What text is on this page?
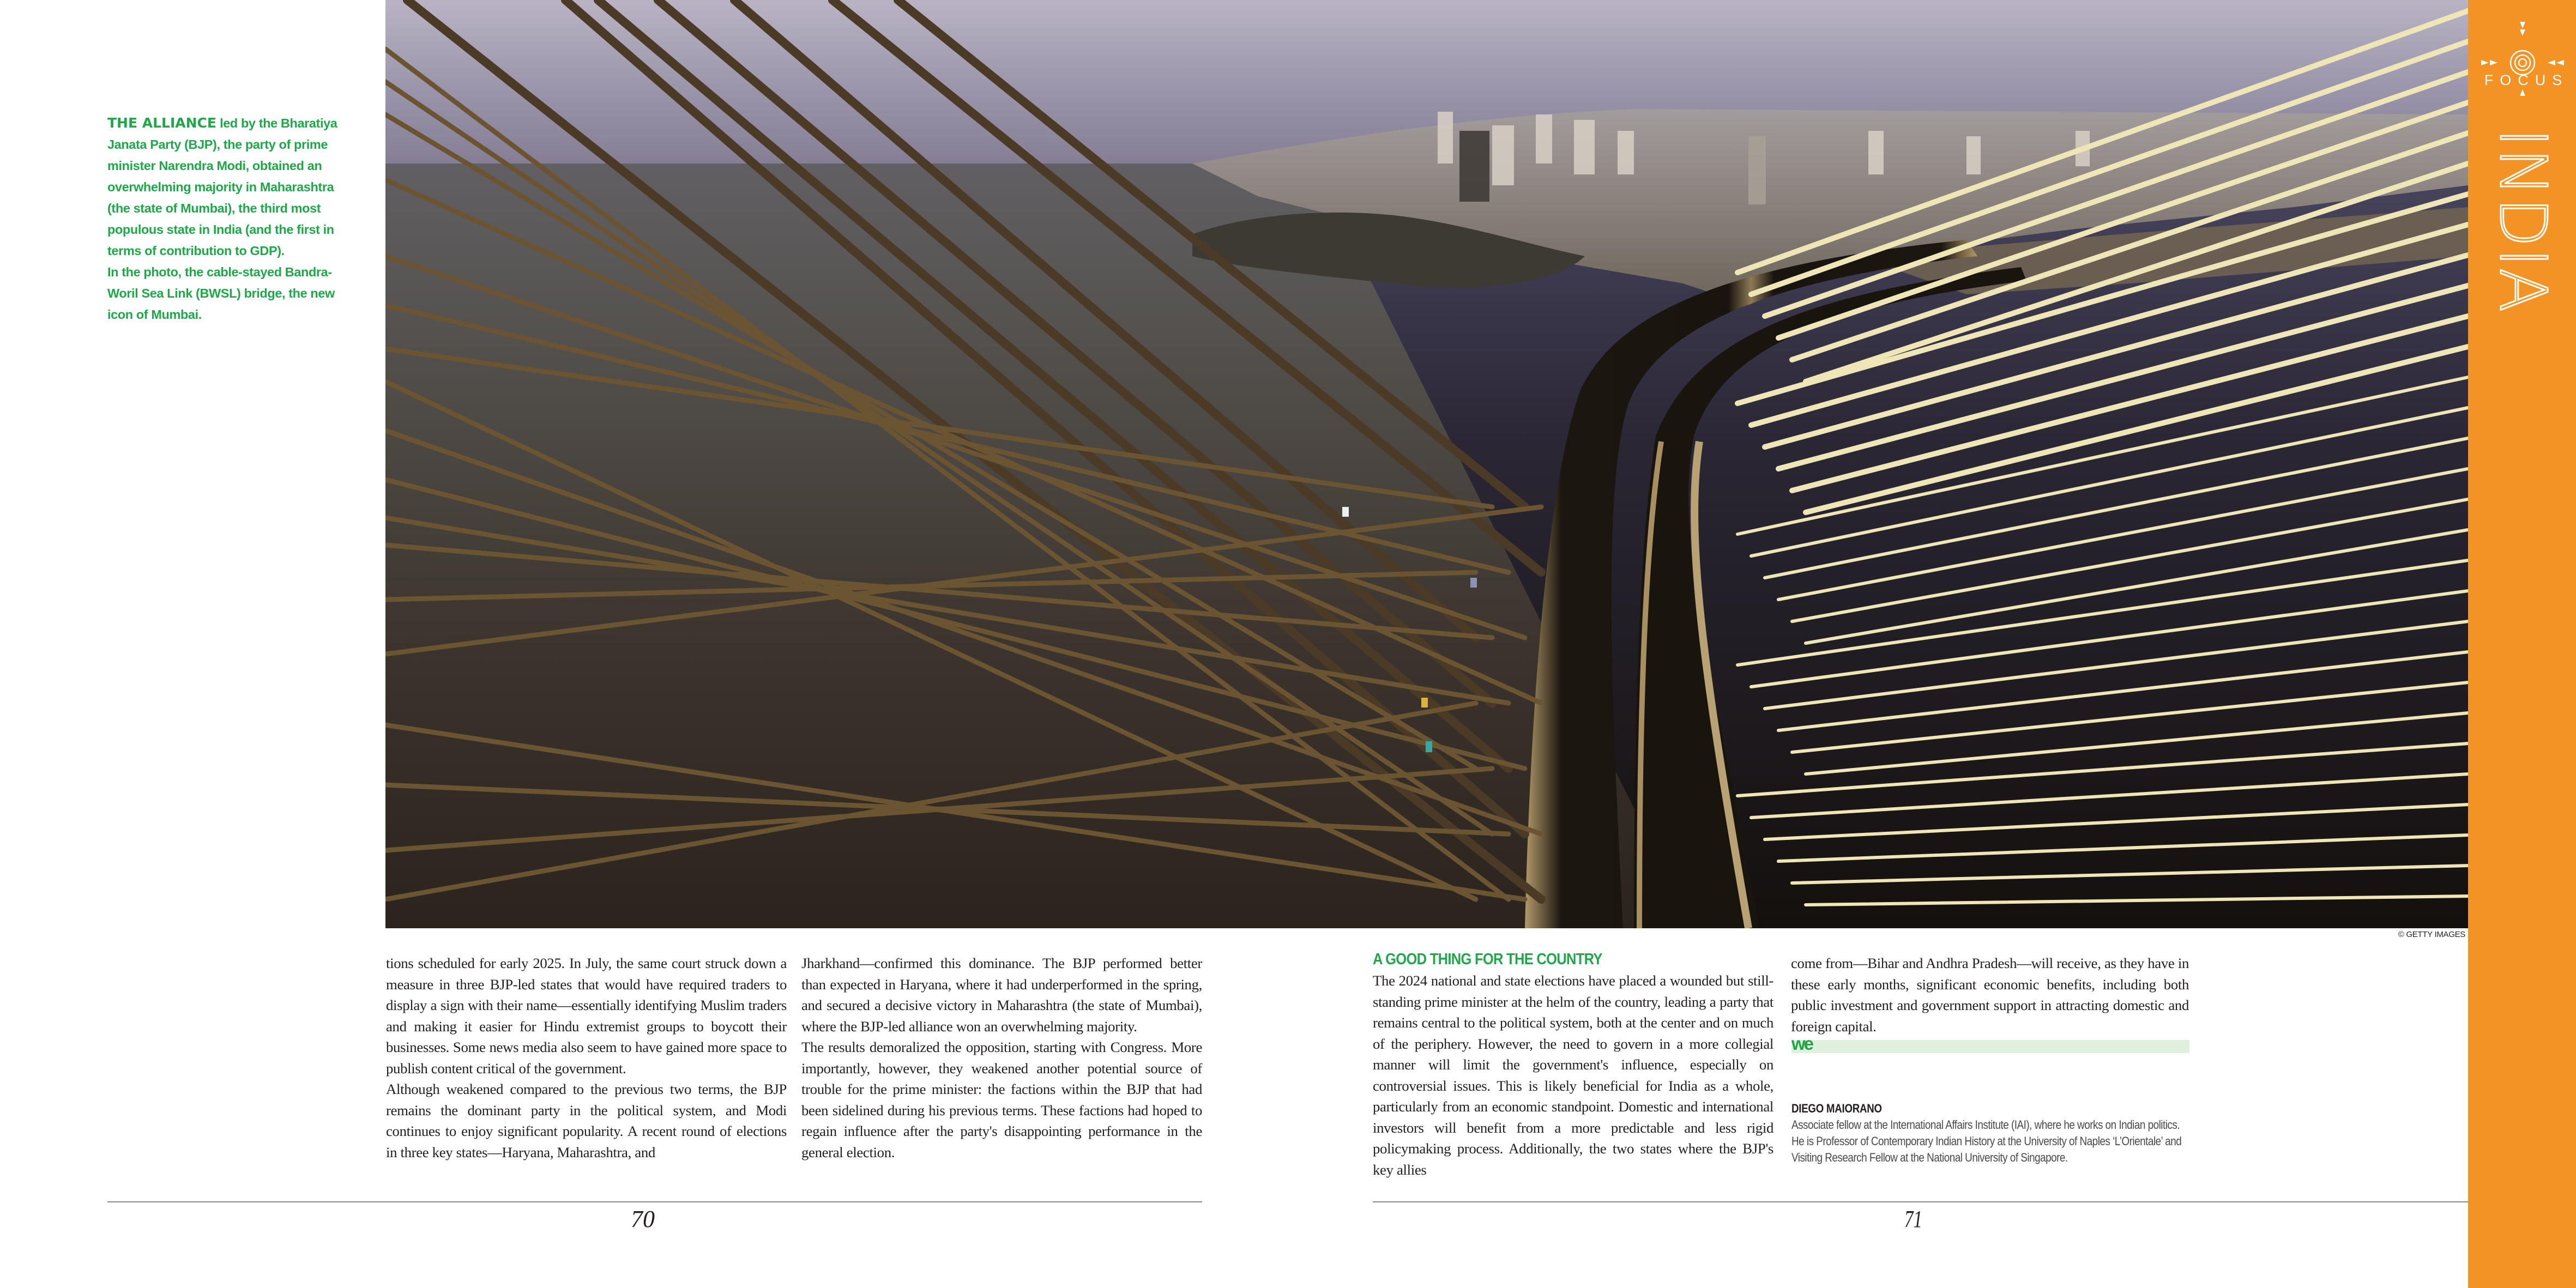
THE ALLIANCE led by the Bharatiya Janata Party (BJP), the party of prime minister Narendra Modi, obtained an overwhelming majority in Maharashtra (the state of Mumbai), the third most populous state in India (and the first in terms of contribution to GDP).

In the photo, the cable-stayed Bandra-Woril Sea Link (BWSL) bridge, the new icon of Mumbai.

© GETTY IMAGES
FOCUS
INDIA

tions scheduled for early 2025. In July, the same court struck down a measure in three BJP-led states that would have required traders to display a sign with their name—essentially identifying Muslim traders and making it easier for Hindu extremist groups to boycott their businesses. Some news media also seem to have gained more space to publish content critical of the government.

Although weakened compared to the previous two terms, the BJP remains the dominant party in the political system, and Modi continues to enjoy significant popularity. A recent round of elections in three key states—Haryana, Maharashtra, and

Jharkhand—confirmed this dominance. The BJP performed better than expected in Haryana, where it had underperformed in the spring, and secured a decisive victory in Maharashtra (the state of Mumbai), where the BJP-led alliance won an overwhelming majority.

The results demoralized the opposition, starting with Congress. More importantly, however, they weakened another potential source of trouble for the prime minister: the factions within the BJP that had been sidelined during his previous terms. These factions had hoped to regain influence after the party's disappointing performance in the general election.

A GOOD THING FOR THE COUNTRY

The 2024 national and state elections have placed a wounded but still-standing prime minister at the helm of the country, leading a party that remains central to the political system, both at the center and on much of the periphery. However, the need to govern in a more collegial manner will limit the government's influence, especially on controversial issues. This is likely beneficial for India as a whole, particularly from an economic standpoint. Domestic and international investors will benefit from a more predictable and less rigid policymaking process. Additionally, the two states where the BJP's key allies

come from—Bihar and Andhra Pradesh—will receive, as they have in these early months, significant economic benefits, including both public investment and government support in attracting domestic and foreign capital.

we
DIEGO MAIORANO
Associate fellow at the International Affairs Institute (IAI), where he works on Indian politics. He is Professor of Contemporary Indian History at the University of Naples ‘L’Orientale’ and Visiting Research Fellow at the National University of Singapore.
70	71
